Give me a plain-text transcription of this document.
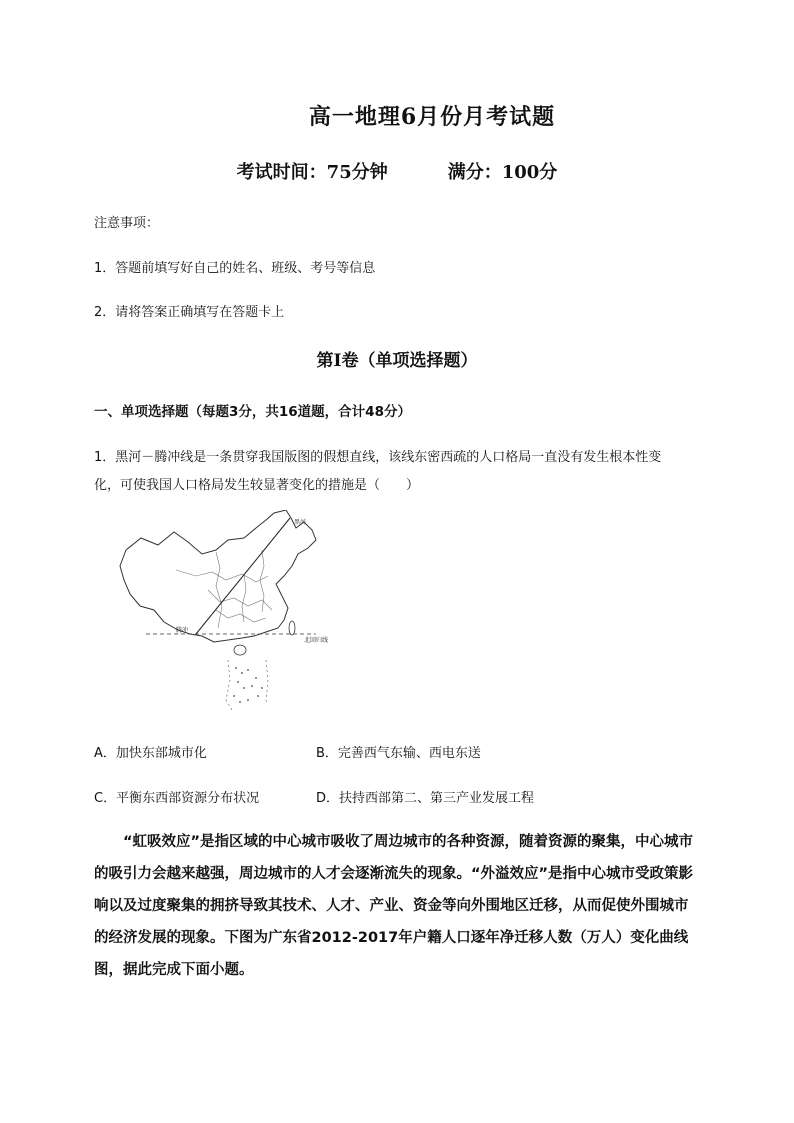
高一地理6月份月考试题
考试时间：75分钟	满分：100分
注意事项：
1．答题前填写好自己的姓名、班级、考号等信息
2．请将答案正确填写在答题卡上
第I卷（单项选择题）
一、单项选择题（每题3分，共16道题，合计48分）
1．黑河－腾冲线是一条贯穿我国版图的假想直线，该线东密西疏的人口格局一直没有发生根本性变
化，可使我国人口格局发生较显著变化的措施是（　　）
黑河
腾冲
北回归线
A．加快东部城市化	B．完善西气东输、西电东送
C．平衡东西部资源分布状况	D．扶持西部第二、第三产业发展工程
“虹吸效应”是指区域的中心城市吸收了周边城市的各种资源，随着资源的聚集，中心城市的吸引力会越来越强，周边城市的人才会逐渐流失的现象。“外溢效应”是指中心城市受政策影响以及过度聚集的拥挤导致其技术、人才、产业、资金等向外围地区迁移，从而促使外围城市的经济发展的现象。下图为广东省2012-2017年户籍人口逐年净迁移人数（万人）变化曲线图，据此完成下面小题。
